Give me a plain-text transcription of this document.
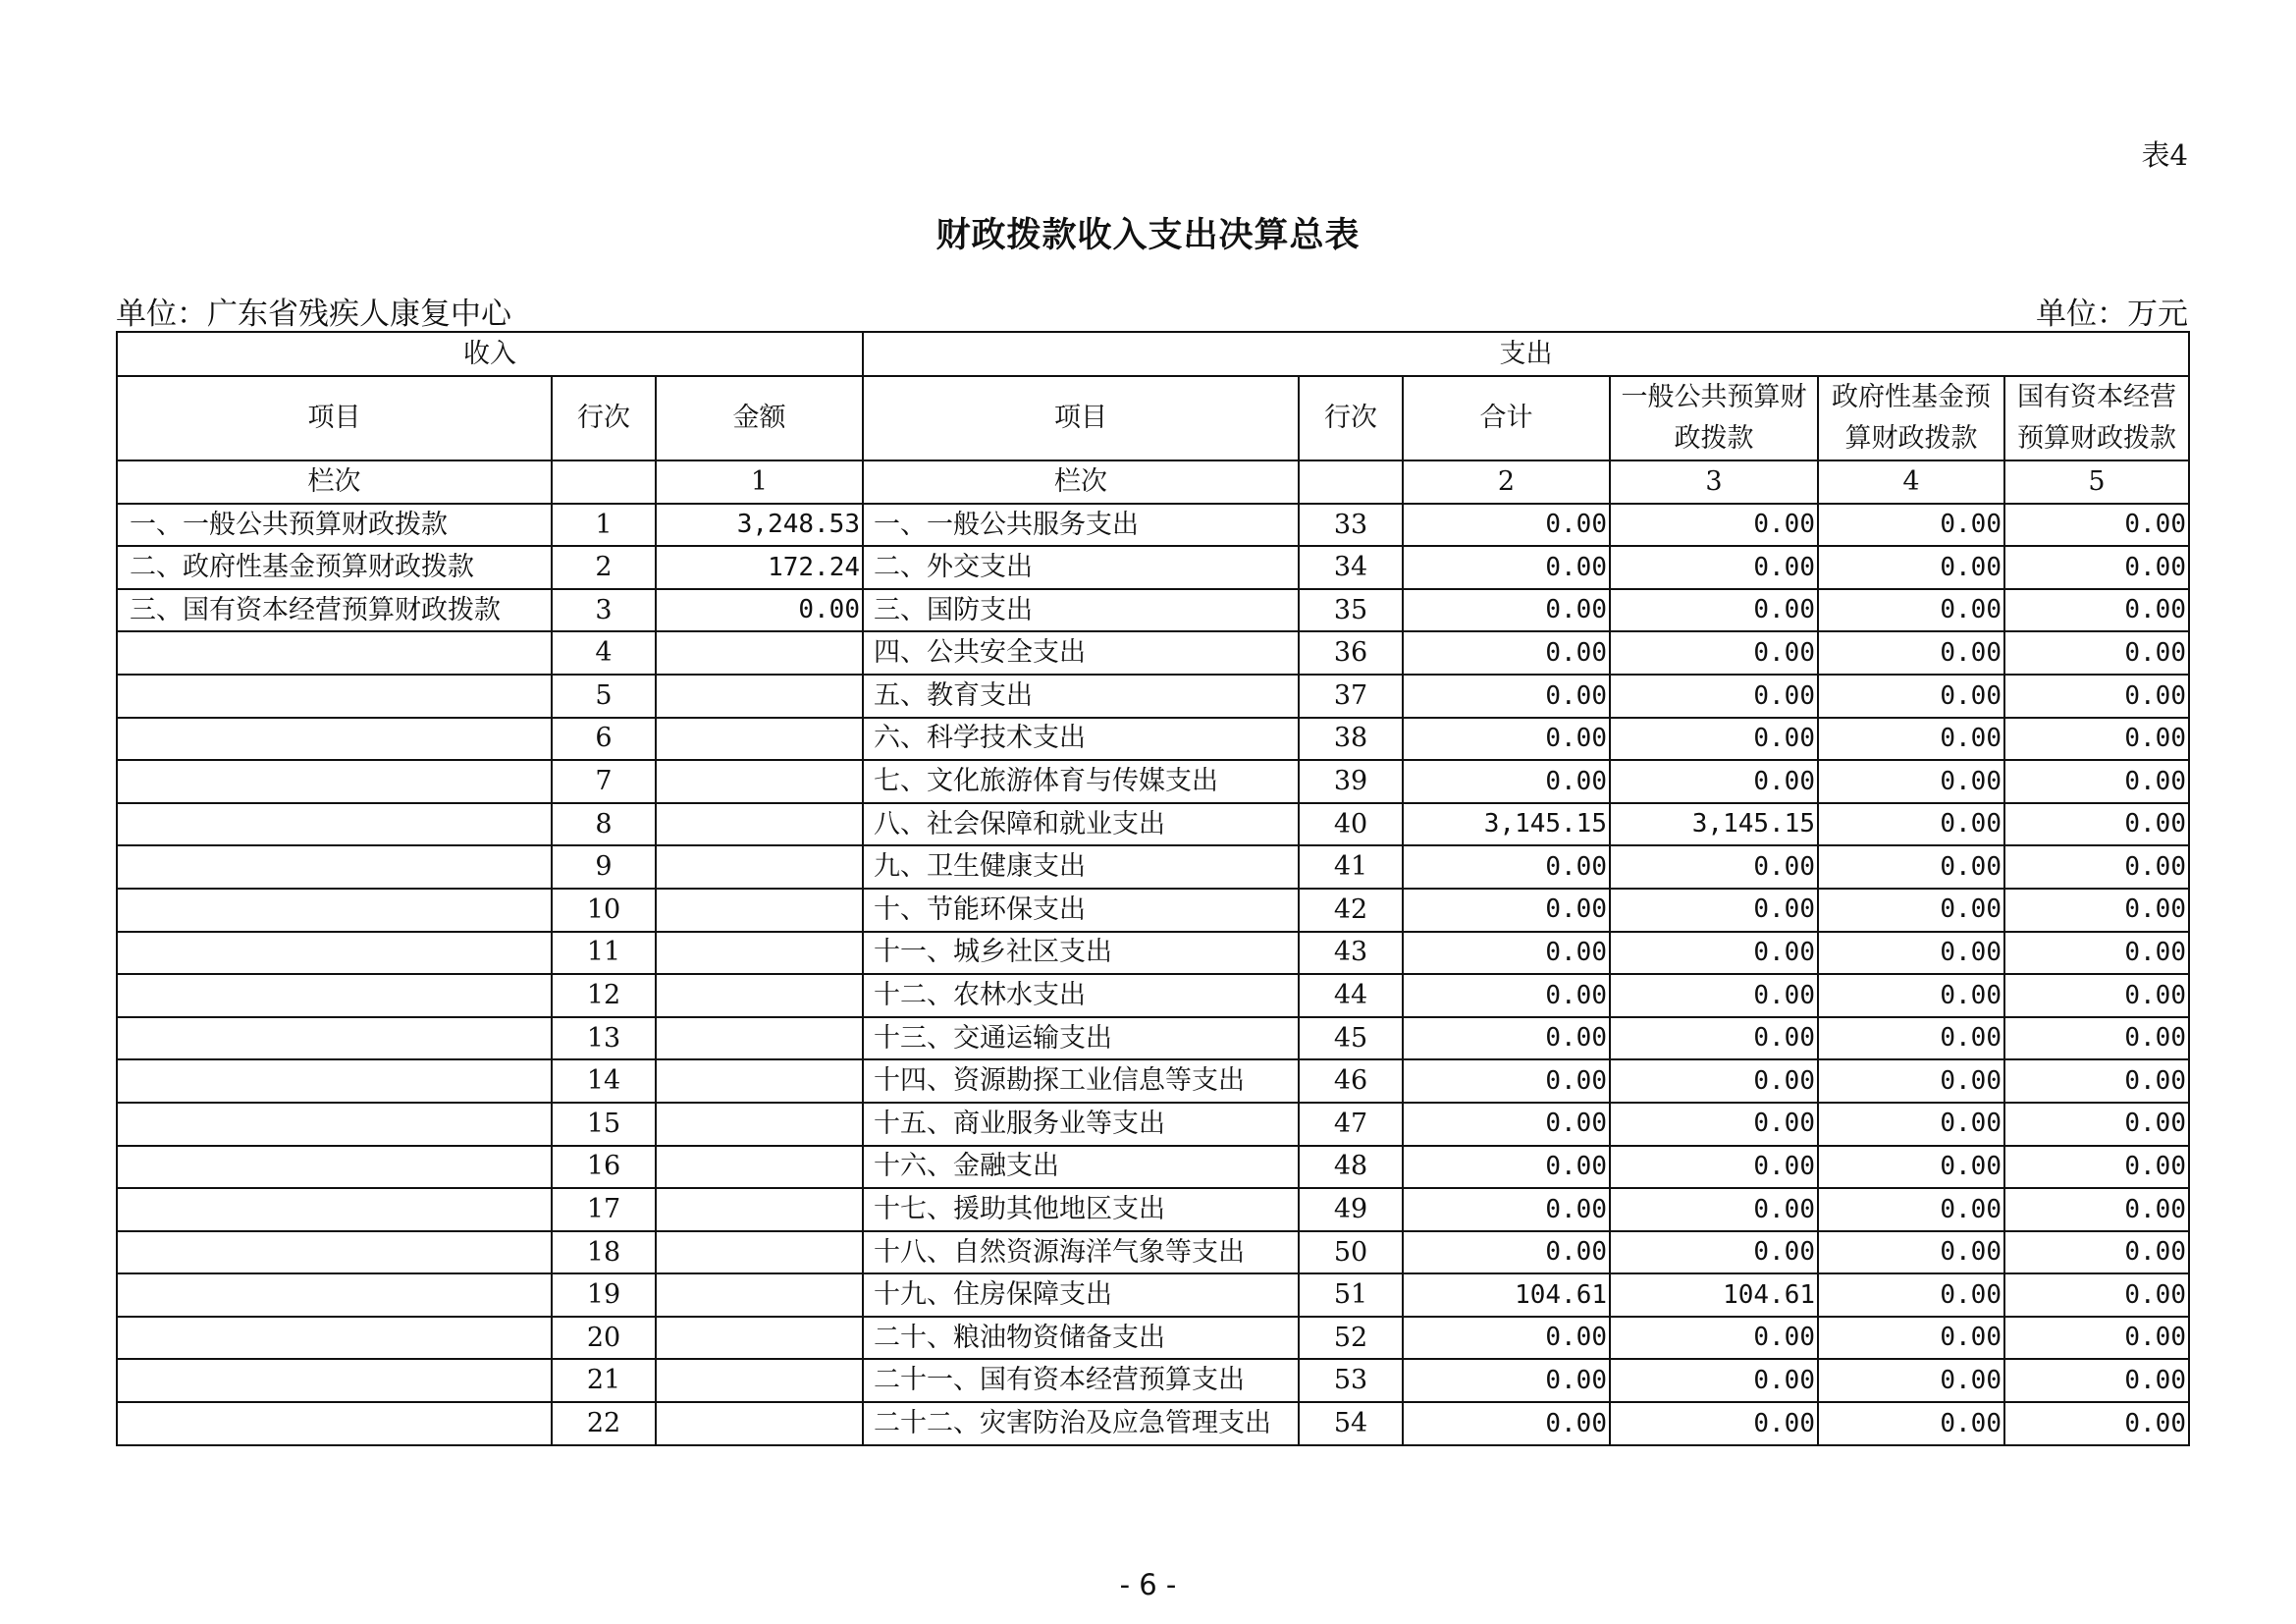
表4
财政拨款收入支出决算总表
单位：广东省残疾人康复中心	单位：万元
收入			支出					
项目	行次	金额	项目	行次	合计	一般公共预算财政拨款	政府性基金预算财政拨款	国有资本经营预算财政拨款
栏次		1	栏次		2	3	4	5
一、一般公共预算财政拨款	1	3,248.53	一、一般公共服务支出	33	0.00	0.00	0.00	0.00
二、政府性基金预算财政拨款	2	172.24	二、外交支出	34	0.00	0.00	0.00	0.00
三、国有资本经营预算财政拨款	3	0.00	三、国防支出	35	0.00	0.00	0.00	0.00
	4		四、公共安全支出	36	0.00	0.00	0.00	0.00
	5		五、教育支出	37	0.00	0.00	0.00	0.00
	6		六、科学技术支出	38	0.00	0.00	0.00	0.00
	7		七、文化旅游体育与传媒支出	39	0.00	0.00	0.00	0.00
	8		八、社会保障和就业支出	40	3,145.15	3,145.15	0.00	0.00
	9		九、卫生健康支出	41	0.00	0.00	0.00	0.00
	10		十、节能环保支出	42	0.00	0.00	0.00	0.00
	11		十一、城乡社区支出	43	0.00	0.00	0.00	0.00
	12		十二、农林水支出	44	0.00	0.00	0.00	0.00
	13		十三、交通运输支出	45	0.00	0.00	0.00	0.00
	14		十四、资源勘探工业信息等支出	46	0.00	0.00	0.00	0.00
	15		十五、商业服务业等支出	47	0.00	0.00	0.00	0.00
	16		十六、金融支出	48	0.00	0.00	0.00	0.00
	17		十七、援助其他地区支出	49	0.00	0.00	0.00	0.00
	18		十八、自然资源海洋气象等支出	50	0.00	0.00	0.00	0.00
	19		十九、住房保障支出	51	104.61	104.61	0.00	0.00
	20		二十、粮油物资储备支出	52	0.00	0.00	0.00	0.00
	21		二十一、国有资本经营预算支出	53	0.00	0.00	0.00	0.00
	22		二十二、灾害防治及应急管理支出	54	0.00	0.00	0.00	0.00
- 6 -
